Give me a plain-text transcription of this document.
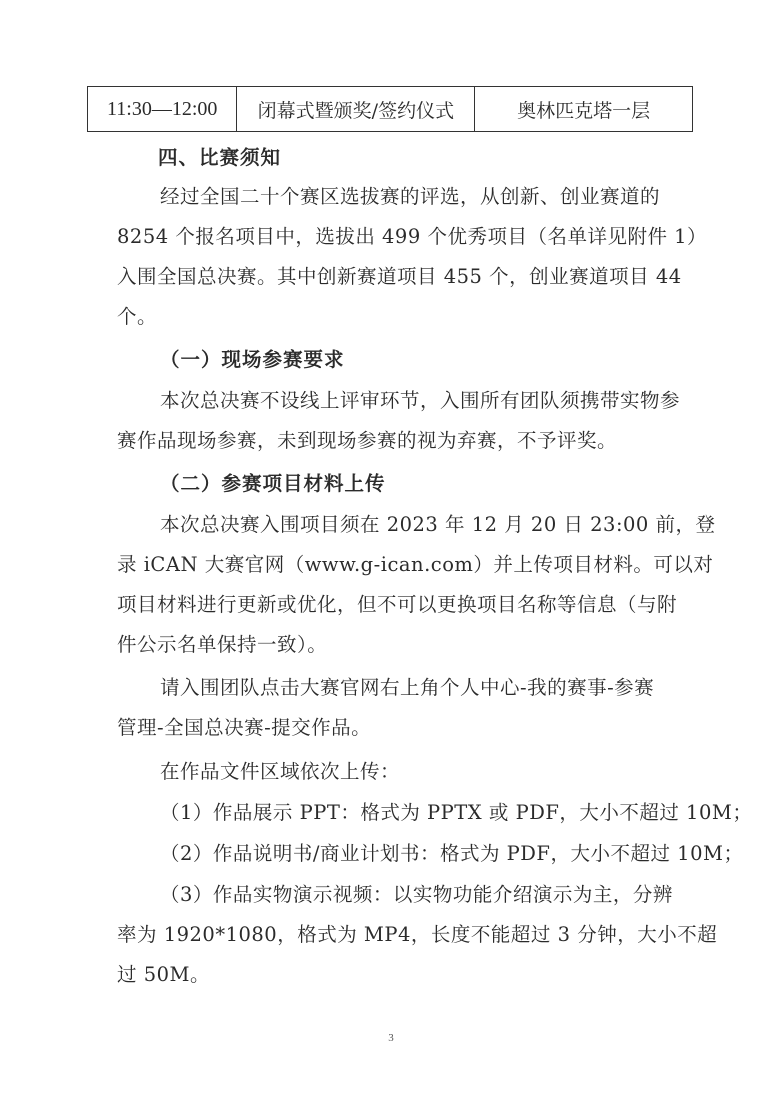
11:30—12:00	闭幕式暨颁奖/签约仪式	奥林匹克塔一层

四、比赛须知

经过全国二十个赛区选拔赛的评选，从创新、创业赛道的

8254 个报名项目中，选拔出 499 个优秀项目（名单详见附件 1）

入围全国总决赛。其中创新赛道项目 455 个，创业赛道项目 44

个。

（一）现场参赛要求

本次总决赛不设线上评审环节，入围所有团队须携带实物参

赛作品现场参赛，未到现场参赛的视为弃赛，不予评奖。

（二）参赛项目材料上传

本次总决赛入围项目须在 2023 年 12 月 20 日 23:00 前，登

录 iCAN 大赛官网（www.g-ican.com）并上传项目材料。可以对

项目材料进行更新或优化，但不可以更换项目名称等信息（与附

件公示名单保持一致）。

请入围团队点击大赛官网右上角个人中心-我的赛事-参赛

管理-全国总决赛-提交作品。

在作品文件区域依次上传：

（1）作品展示 PPT：格式为 PPTX 或 PDF，大小不超过 10M；

（2）作品说明书/商业计划书：格式为 PDF，大小不超过 10M；

（3）作品实物演示视频：以实物功能介绍演示为主，分辨

率为 1920*1080，格式为 MP4，长度不能超过 3 分钟，大小不超

过 50M。

3
